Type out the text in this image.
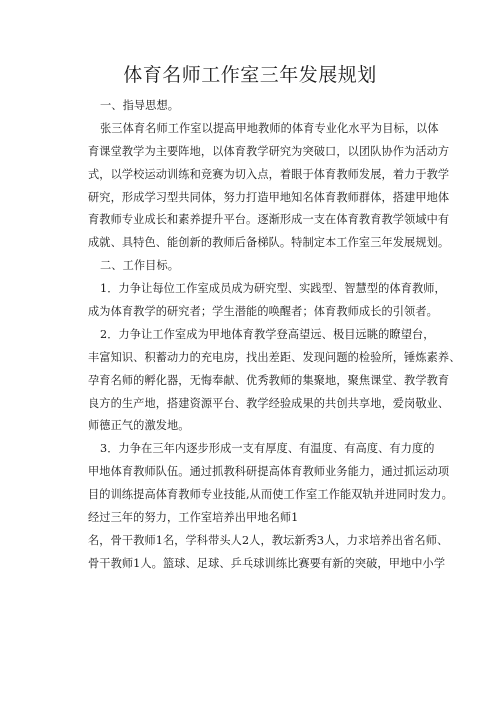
体育名师工作室三年发展规划
一、指导思想。
张三体育名师工作室以提高甲地教师的体育专业化水平为目标，以体
育课堂教学为主要阵地，以体育教学研究为突破口，以团队协作为活动方
式，以学校运动训练和竞赛为切入点，着眼于体育教师发展，着力于教学
研究，形成学习型共同体，努力打造甲地知名体育教师群体，搭建甲地体
育教师专业成长和素养提升平台。逐渐形成一支在体育教育教学领域中有
成就、具特色、能创新的教师后备梯队。特制定本工作室三年发展规划。
二、工作目标。
1．力争让每位工作室成员成为研究型、实践型、智慧型的体育教师，
成为体育教学的研究者；学生潜能的唤醒者；体育教师成长的引领者。
2．力争让工作室成为甲地体育教学登高望远、极目远眺的瞭望台，
丰富知识、积蓄动力的充电房，找出差距、发现问题的检验所，锤炼素养、
孕育名师的孵化器，无悔奉献、优秀教师的集聚地，聚焦课堂、教学教育
良方的生产地，搭建资源平台、教学经验成果的共创共享地，爱岗敬业、
师德正气的激发地。
3．力争在三年内逐步形成一支有厚度、有温度、有高度、有力度的
甲地体育教师队伍。通过抓教科研提高体育教师业务能力，通过抓运动项
目的训练提高体育教师专业技能,从而使工作室工作能双轨并进同时发力。
经过三年的努力，工作室培养出甲地名师1
名，骨干教师1名，学科带头人2人，教坛新秀3人，力求培养出省名师、
骨干教师1人。篮球、足球、乒乓球训练比赛要有新的突破，甲地中小学
